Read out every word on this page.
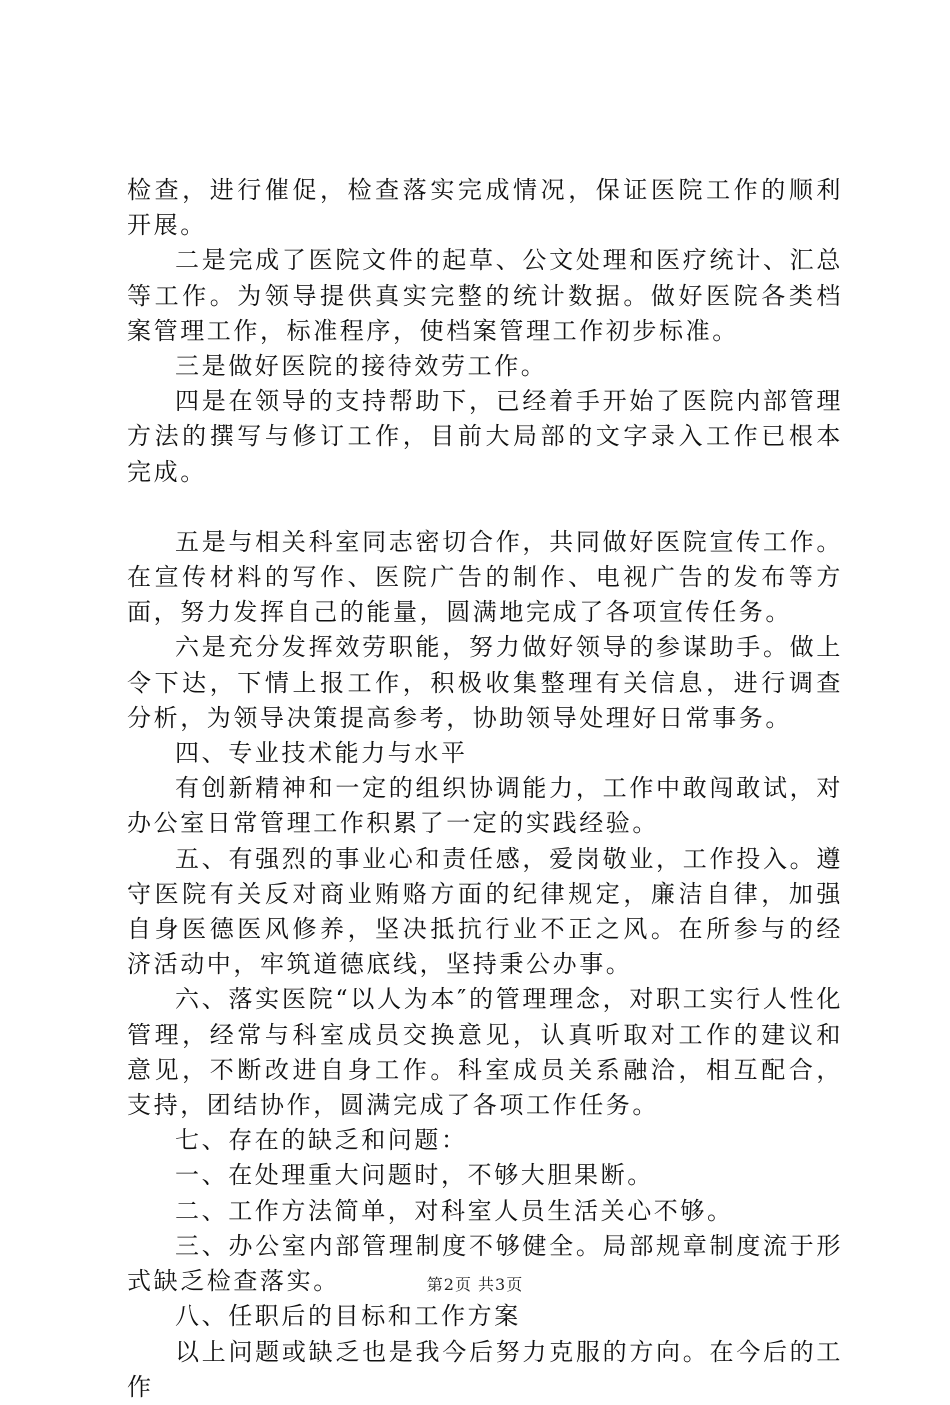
检查，进行催促，检查落实完成情况，保证医院工作的顺利开展。

二是完成了医院文件的起草、公文处理和医疗统计、汇总等工作。为领导提供真实完整的统计数据。做好医院各类档案管理工作，标准程序，使档案管理工作初步标准。

三是做好医院的接待效劳工作。

四是在领导的支持帮助下，已经着手开始了医院内部管理方法的撰写与修订工作，目前大局部的文字录入工作已根本完成。

五是与相关科室同志密切合作，共同做好医院宣传工作。在宣传材料的写作、医院广告的制作、电视广告的发布等方面，努力发挥自己的能量，圆满地完成了各项宣传任务。

六是充分发挥效劳职能，努力做好领导的参谋助手。做上令下达，下情上报工作，积极收集整理有关信息，进行调查分析，为领导决策提高参考，协助领导处理好日常事务。

四、专业技术能力与水平

有创新精神和一定的组织协调能力，工作中敢闯敢试，对办公室日常管理工作积累了一定的实践经验。

五、有强烈的事业心和责任感，爱岗敬业，工作投入。遵守医院有关反对商业贿赂方面的纪律规定，廉洁自律，加强自身医德医风修养，坚决抵抗行业不正之风。在所参与的经济活动中，牢筑道德底线，坚持秉公办事。

六、落实医院“以人为本″的管理理念，对职工实行人性化管理，经常与科室成员交换意见，认真听取对工作的建议和意见，不断改进自身工作。科室成员关系融洽，相互配合，支持，团结协作，圆满完成了各项工作任务。

七、存在的缺乏和问题：

一、在处理重大问题时，不够大胆果断。

二、工作方法简单，对科室人员生活关心不够。

三、办公室内部管理制度不够健全。局部规章制度流于形式缺乏检查落实。

八、任职后的目标和工作方案

以上问题或缺乏也是我今后努力克服的方向。在今后的工作

第2页 共3页
